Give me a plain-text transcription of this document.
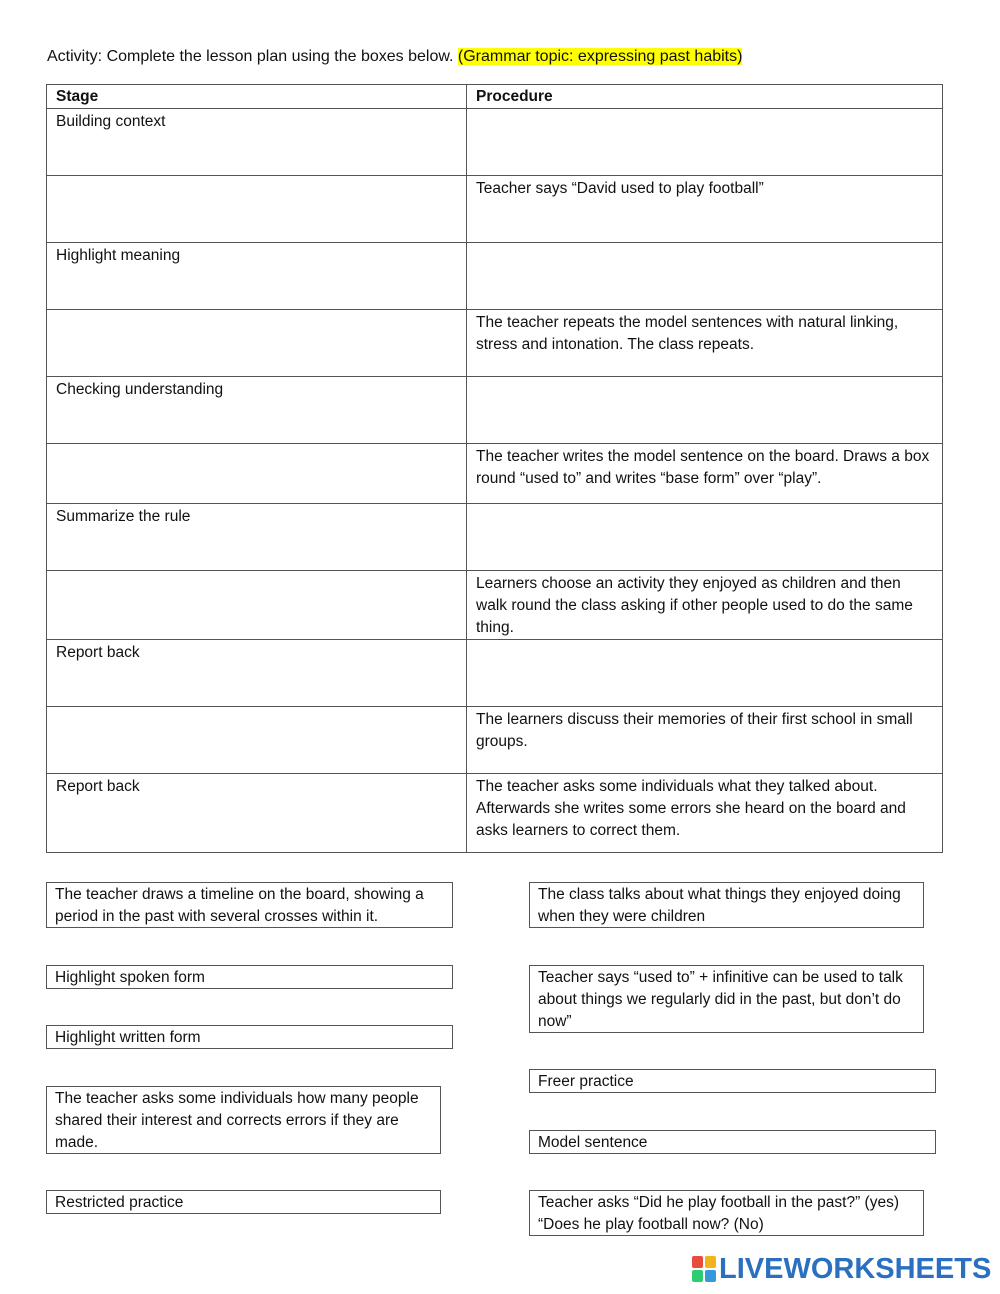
Activity: Complete the lesson plan using the boxes below. (Grammar topic: expressing past habits)
Stage	Procedure
Building context	
	Teacher says “David used to play football”
Highlight meaning	
	The teacher repeats the model sentences with natural linking, stress and intonation. The class repeats.
Checking understanding	
	The teacher writes the model sentence on the board. Draws a box round “used to” and writes “base form” over “play”.
Summarize the rule	
	Learners choose an activity they enjoyed as children and then walk round the class asking if other people used to do the same thing.
Report back	
	The learners discuss their memories of their first school in small groups.
Report back	The teacher asks some individuals what they talked about. Afterwards she writes some errors she heard on the board and asks learners to correct them.
The teacher draws a timeline on the board, showing a period in the past with several crosses within it.
Highlight spoken form
Highlight written form
The teacher asks some individuals how many people shared their interest and corrects errors if they are made.
Restricted practice
The class talks about what things they enjoyed doing when they were children
Teacher says “used to” + infinitive can be used to talk about things we regularly did in the past, but don’t do now”
Freer practice
Model sentence
Teacher asks “Did he play football in the past?” (yes) “Does he play football now? (No)
LIVEWORKSHEETS
